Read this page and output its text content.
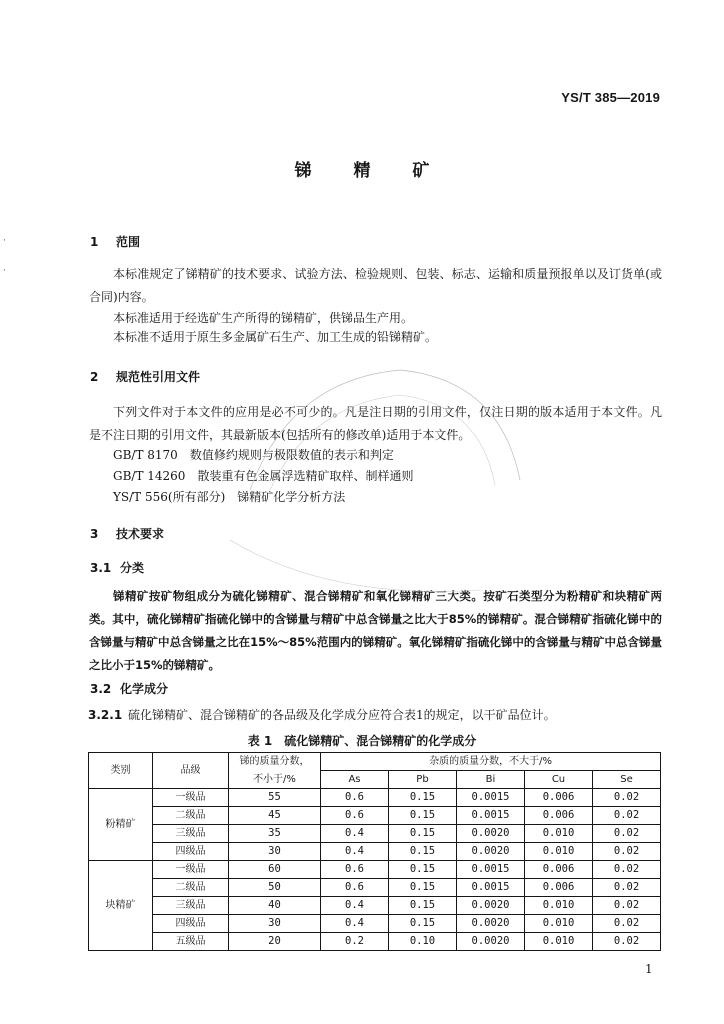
YS/T 385—2019
锑 精 矿
·
·
1 范围

本标准规定了锑精矿的技术要求、试验方法、检验规则、包装、标志、运输和质量预报单以及订货单(或合同)内容。

本标准适用于经选矿生产所得的锑精矿，供锑品生产用。

本标准不适用于原生多金属矿石生产、加工生成的铅锑精矿。

2 规范性引用文件

下列文件对于本文件的应用是必不可少的。凡是注日期的引用文件，仅注日期的版本适用于本文件。凡是不注日期的引用文件，其最新版本(包括所有的修改单)适用于本文件。

GB/T 8170　 数值修约规则与极限数值的表示和判定
GB/T 14260　 散装重有色金属浮选精矿取样、制样通则
YS/T 556(所有部分)　 锑精矿化学分析方法
3 技术要求
3.1 分类

锑精矿按矿物组成分为硫化锑精矿、混合锑精矿和氧化锑精矿三大类。按矿石类型分为粉精矿和块精矿两类。其中，硫化锑精矿指硫化锑中的含锑量与精矿中总含锑量之比大于85%的锑精矿。混合锑精矿指硫化锑中的含锑量与精矿中总含锑量之比在15%～85%范围内的锑精矿。氧化锑精矿指硫化锑中的含锑量与精矿中总含锑量之比小于15%的锑精矿。

3.2 化学成分
3.2.1 硫化锑精矿、混合锑精矿的各品级及化学成分应符合表1的规定，以干矿品位计。
表 1　硫化锑精矿、混合锑精矿的化学成分
类别	品级	锑的质量分数，	杂质的质量分数，不大于/%				
		不小于/%	As	Pb	Bi	Cu	Se
粉精矿	一级品	55	0.6	0.15	0.0015	0.006	0.02
	二级品	45	0.6	0.15	0.0015	0.006	0.02
	三级品	35	0.4	0.15	0.0020	0.010	0.02
	四级品	30	0.4	0.15	0.0020	0.010	0.02
块精矿	一级品	60	0.6	0.15	0.0015	0.006	0.02
	二级品	50	0.6	0.15	0.0015	0.006	0.02
	三级品	40	0.4	0.15	0.0020	0.010	0.02
	四级品	30	0.4	0.15	0.0020	0.010	0.02
	五级品	20	0.2	0.10	0.0020	0.010	0.02
1
